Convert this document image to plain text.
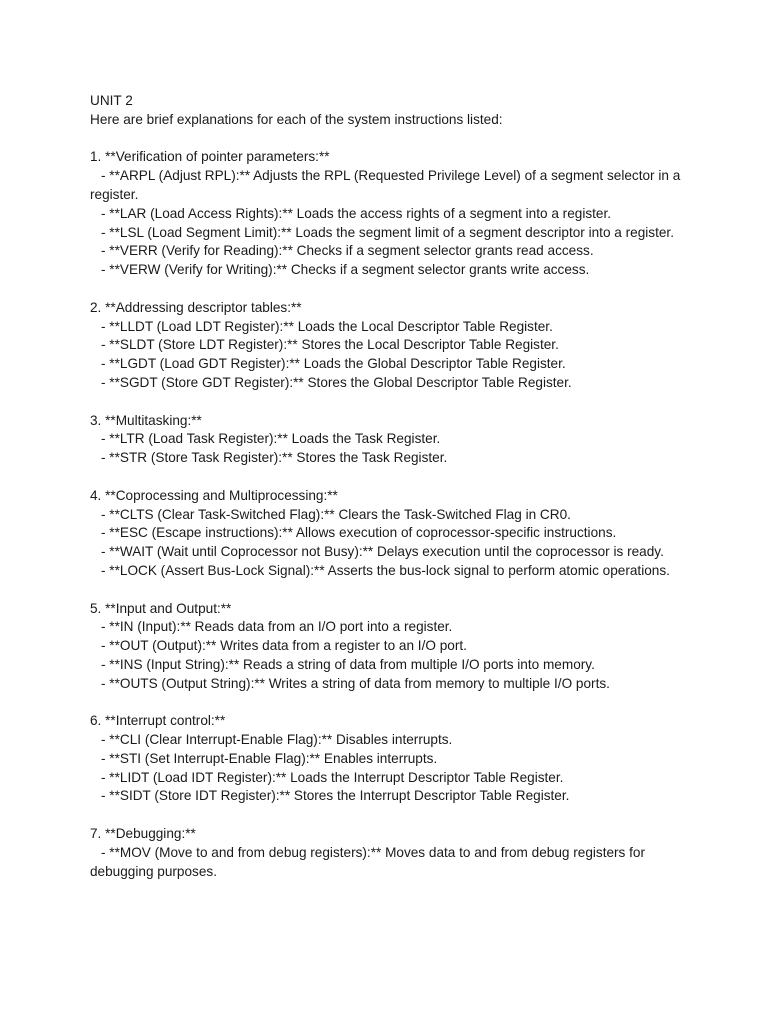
UNIT 2

Here are brief explanations for each of the system instructions listed:

1. **Verification of pointer parameters:**

- **ARPL (Adjust RPL):** Adjusts the RPL (Requested Privilege Level) of a segment selector in a register.

- **LAR (Load Access Rights):** Loads the access rights of a segment into a register.

- **LSL (Load Segment Limit):** Loads the segment limit of a segment descriptor into a register.

- **VERR (Verify for Reading):** Checks if a segment selector grants read access.

- **VERW (Verify for Writing):** Checks if a segment selector grants write access.

2. **Addressing descriptor tables:**

- **LLDT (Load LDT Register):** Loads the Local Descriptor Table Register.

- **SLDT (Store LDT Register):** Stores the Local Descriptor Table Register.

- **LGDT (Load GDT Register):** Loads the Global Descriptor Table Register.

- **SGDT (Store GDT Register):** Stores the Global Descriptor Table Register.

3. **Multitasking:**

- **LTR (Load Task Register):** Loads the Task Register.

- **STR (Store Task Register):** Stores the Task Register.

4. **Coprocessing and Multiprocessing:**

- **CLTS (Clear Task-Switched Flag):** Clears the Task-Switched Flag in CR0.

- **ESC (Escape instructions):** Allows execution of coprocessor-specific instructions.

- **WAIT (Wait until Coprocessor not Busy):** Delays execution until the coprocessor is ready.

- **LOCK (Assert Bus-Lock Signal):** Asserts the bus-lock signal to perform atomic operations.

5. **Input and Output:**

- **IN (Input):** Reads data from an I/O port into a register.

- **OUT (Output):** Writes data from a register to an I/O port.

- **INS (Input String):** Reads a string of data from multiple I/O ports into memory.

- **OUTS (Output String):** Writes a string of data from memory to multiple I/O ports.

6. **Interrupt control:**

- **CLI (Clear Interrupt-Enable Flag):** Disables interrupts.

- **STI (Set Interrupt-Enable Flag):** Enables interrupts.

- **LIDT (Load IDT Register):** Loads the Interrupt Descriptor Table Register.

- **SIDT (Store IDT Register):** Stores the Interrupt Descriptor Table Register.

7. **Debugging:**

- **MOV (Move to and from debug registers):** Moves data to and from debug registers for debugging purposes.
